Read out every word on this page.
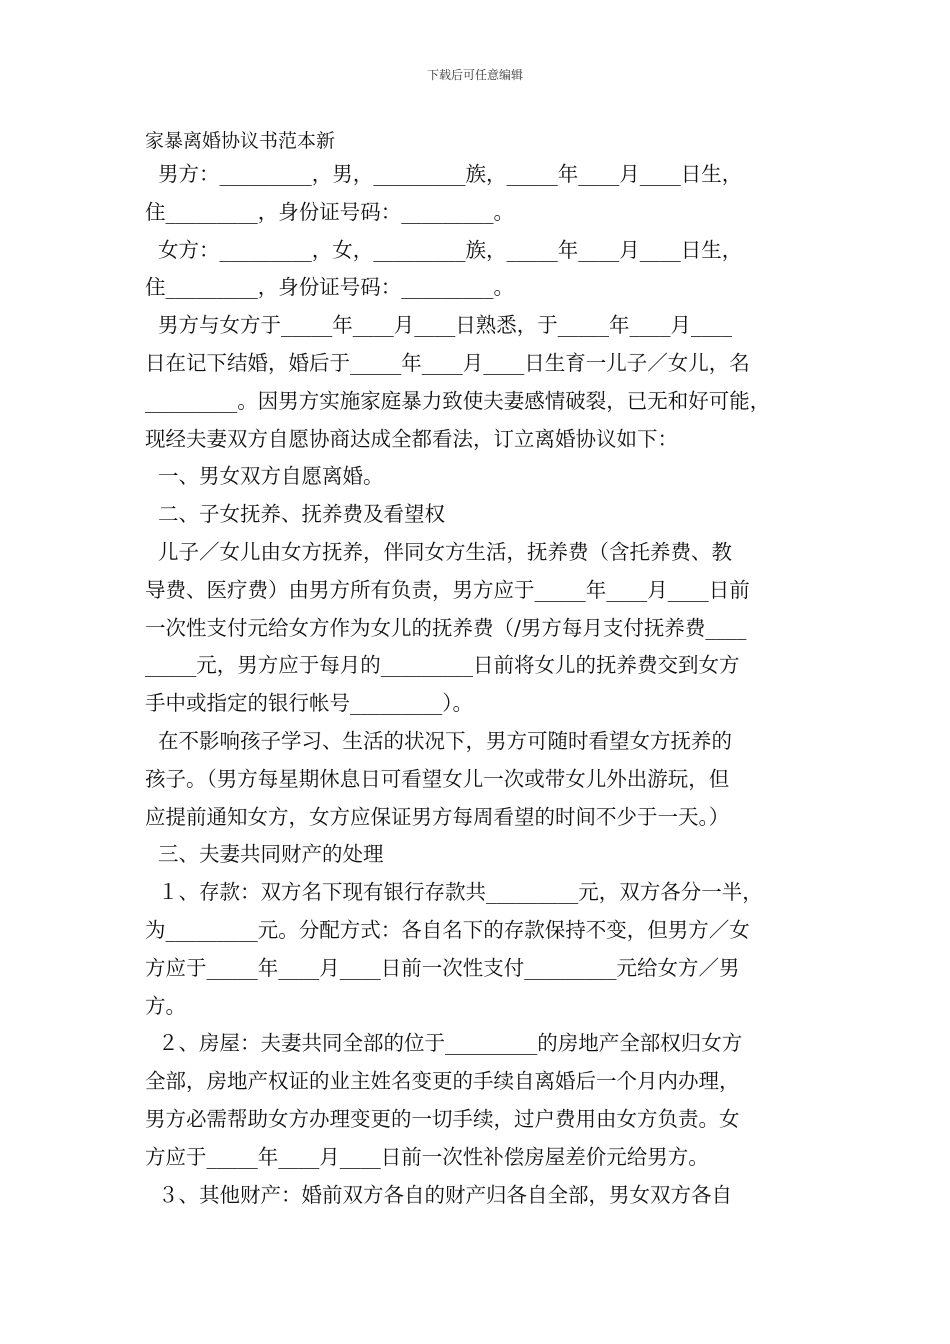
下载后可任意编辑
家暴离婚协议书范本新
男方：_________，男，_________族，_____年____月____日生，
住_________，身份证号码：_________。
女方：_________，女，_________族，_____年____月____日生，
住_________，身份证号码：_________。
男方与女方于_____年____月____日熟悉，于_____年____月____
日在记下结婚，婚后于_____年____月____日生育一儿子／女儿，名
_________。因男方实施家庭暴力致使夫妻感情破裂，已无和好可能，
现经夫妻双方自愿协商达成全都看法，订立离婚协议如下：
一、男女双方自愿离婚。
二、子女抚养、抚养费及看望权
儿子／女儿由女方抚养，伴同女方生活，抚养费（含托养费、教
导费、医疗费）由男方所有负责，男方应于_____年____月____日前
一次性支付元给女方作为女儿的抚养费（/男方每月支付抚养费____
_____元，男方应于每月的_________日前将女儿的抚养费交到女方
手中或指定的银行帐号_________）。
在不影响孩子学习、生活的状况下，男方可随时看望女方抚养的
孩子。（男方每星期休息日可看望女儿一次或带女儿外出游玩，但
应提前通知女方，女方应保证男方每周看望的时间不少于一天。）
三、夫妻共同财产的处理
１、存款：双方名下现有银行存款共_________元，双方各分一半，
为_________元。分配方式：各自名下的存款保持不变，但男方／女
方应于_____年____月____日前一次性支付_________元给女方／男
方。
２、房屋：夫妻共同全部的位于_________的房地产全部权归女方
全部，房地产权证的业主姓名变更的手续自离婚后一个月内办理，
男方必需帮助女方办理变更的一切手续，过户费用由女方负责。女
方应于_____年____月____日前一次性补偿房屋差价元给男方。
３、其他财产：婚前双方各自的财产归各自全部，男女双方各自
